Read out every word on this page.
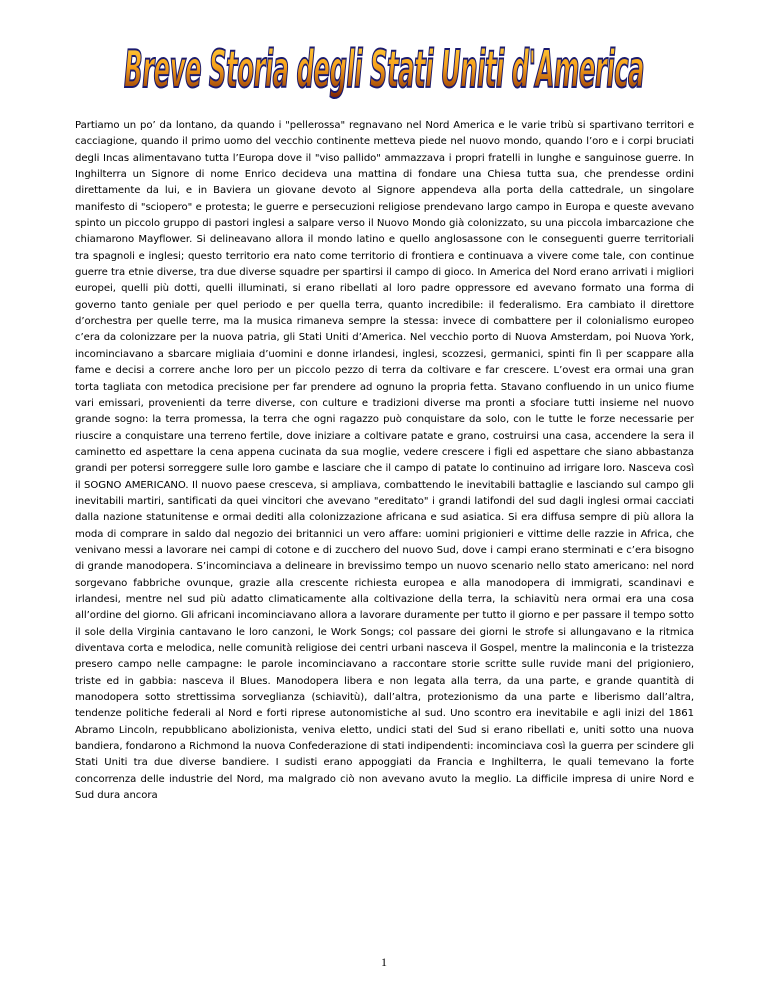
Breve Storia degli Stati Uniti d'America

Partiamo un po’ da lontano, da quando i "pellerossa" regnavano nel Nord America e le varie tribù si spartivano territori e cacciagione, quando il primo uomo del vecchio continente metteva piede nel nuovo mondo, quando l’oro e i corpi bruciati degli Incas alimentavano tutta l’Europa dove il "viso pallido" ammazzava i propri fratelli in lunghe e sanguinose guerre. In Inghilterra un Signore di nome Enrico decideva una mattina di fondare una Chiesa tutta sua, che prendesse ordini direttamente da lui, e in Baviera un giovane devoto al Signore appendeva alla porta della cattedrale, un singolare manifesto di "sciopero" e protesta; le guerre e persecuzioni religiose prendevano largo campo in Europa e queste avevano spinto un piccolo gruppo di pastori inglesi a salpare verso il Nuovo Mondo già colonizzato, su una piccola imbarcazione che chiamarono Mayflower. Si delineavano allora il mondo latino e quello anglosassone con le conseguenti guerre territoriali tra spagnoli e inglesi; questo territorio era nato come territorio di frontiera e continuava a vivere come tale, con continue guerre tra etnie diverse, tra due diverse squadre per spartirsi il campo di gioco. In America del Nord erano arrivati i migliori europei, quelli più dotti, quelli illuminati, si erano ribellati al loro padre oppressore ed avevano formato una forma di governo tanto geniale per quel periodo e per quella terra, quanto incredibile: il federalismo. Era cambiato il direttore d’orchestra per quelle terre, ma la musica rimaneva sempre la stessa: invece di combattere per il colonialismo europeo c’era da colonizzare per la nuova patria, gli Stati Uniti d’America. Nel vecchio porto di Nuova Amsterdam, poi Nuova York, incominciavano a sbarcare migliaia d’uomini e donne irlandesi, inglesi, scozzesi, germanici, spinti fin lì per scappare alla fame e decisi a correre anche loro per un piccolo pezzo di terra da coltivare e far crescere. L’ovest era ormai una gran torta tagliata con metodica precisione per far prendere ad ognuno la propria fetta. Stavano confluendo in un unico fiume vari emissari, provenienti da terre diverse, con culture e tradizioni diverse ma pronti a sfociare tutti insieme nel nuovo grande sogno: la terra promessa, la terra che ogni ragazzo può conquistare da solo, con le tutte le forze necessarie per riuscire a conquistare una terreno fertile, dove iniziare a coltivare patate e grano, costruirsi una casa, accendere la sera il caminetto ed aspettare la cena appena cucinata da sua moglie, vedere crescere i figli ed aspettare che siano abbastanza grandi per potersi sorreggere sulle loro gambe e lasciare che il campo di patate lo continuino ad irrigare loro. Nasceva così il SOGNO AMERICANO. Il nuovo paese cresceva, si ampliava, combattendo le inevitabili battaglie e lasciando sul campo gli inevitabili martiri, santificati da quei vincitori che avevano "ereditato" i grandi latifondi del sud dagli inglesi ormai cacciati dalla nazione statunitense e ormai dediti alla colonizzazione africana e sud asiatica. Si era diffusa sempre di più allora la moda di comprare in saldo dal negozio dei britannici un vero affare: uomini prigionieri e vittime delle razzie in Africa, che venivano messi a lavorare nei campi di cotone e di zucchero del nuovo Sud, dove i campi erano sterminati e c’era bisogno di grande manodopera. S’incominciava a delineare in brevissimo tempo un nuovo scenario nello stato americano: nel nord sorgevano fabbriche ovunque, grazie alla crescente richiesta europea e alla manodopera di immigrati, scandinavi e irlandesi, mentre nel sud più adatto climaticamente alla coltivazione della terra, la schiavitù nera ormai era una cosa all’ordine del giorno. Gli africani incominciavano allora a lavorare duramente per tutto il giorno e per passare il tempo sotto il sole della Virginia cantavano le loro canzoni, le Work Songs; col passare dei giorni le strofe si allungavano e la ritmica diventava corta e melodica, nelle comunità religiose dei centri urbani nasceva il Gospel, mentre la malinconia e la tristezza presero campo nelle campagne: le parole incominciavano a raccontare storie scritte sulle ruvide mani del prigioniero, triste ed in gabbia: nasceva il Blues. Manodopera libera e non legata alla terra, da una parte, e grande quantità di manodopera sotto strettissima sorveglianza (schiavitù), dall’altra, protezionismo da una parte e liberismo dall’altra, tendenze politiche federali al Nord e forti riprese autonomistiche al sud. Uno scontro era inevitabile e agli inizi del 1861 Abramo Lincoln, repubblicano abolizionista, veniva eletto, undici stati del Sud si erano ribellati e, uniti sotto una nuova bandiera, fondarono a Richmond la nuova Confederazione di stati indipendenti: incominciava così la guerra per scindere gli Stati Uniti tra due diverse bandiere. I sudisti erano appoggiati da Francia e Inghilterra, le quali temevano la forte concorrenza delle industrie del Nord, ma malgrado ciò non avevano avuto la meglio. La difficile impresa di unire Nord e Sud dura ancora

1
